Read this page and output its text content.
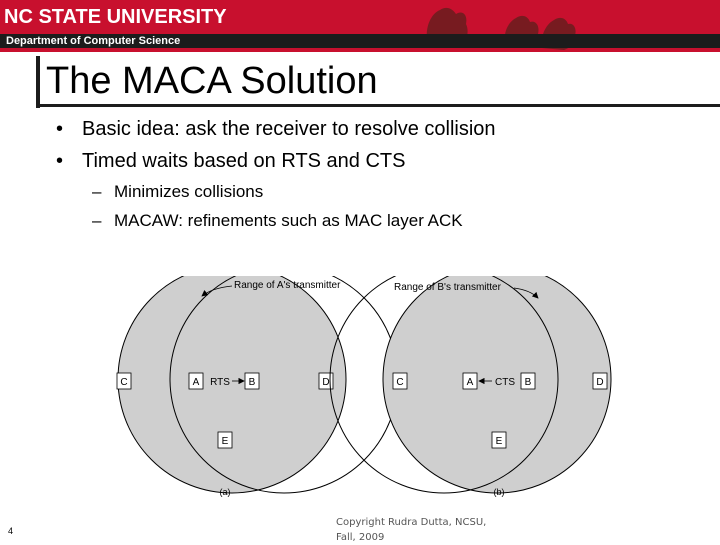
NC STATE UNIVERSITY
Department of Computer Science
The MACA Solution
• Basic idea: ask the receiver to resolve collision
• Timed waits based on RTS and CTS
– Minimizes collisions
– MACAW: refinements such as MAC layer ACK
Range of A's transmitter
C	A	B	D
E
RTS
(a)
Range of B's transmitter
C	A	B	D
E
CTS
(b)
4
Copyright Rudra Dutta, NCSU,
Fall, 2009
